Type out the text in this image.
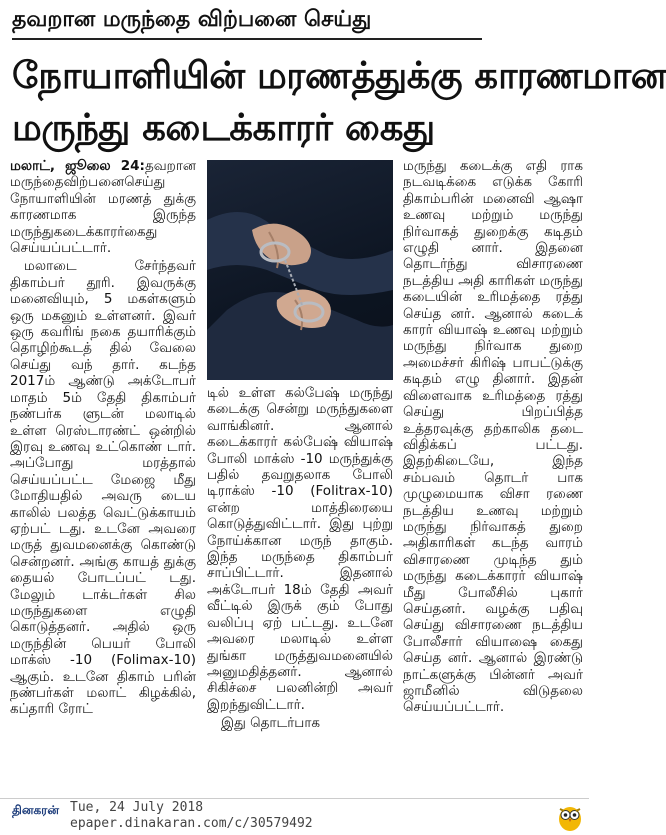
தவறான மருந்தை விற்பனை செய்து
நோயாளியின் மரணத்துக்கு காரணமான
மருந்து கடைக்காரர் கைது

மலாட், ஜூலை 24:தவறான மருந்தைவிற்பனைசெய்து நோயாளியின் மரணத் துக்கு காரணமாக இருந்த மருந்துகடைக்காரர்கைது செய்யப்பட்டார்.

மலாடை சேர்ந்தவர் திகாம்பர் தூரி. இவருக்கு மனைவியும், 5 மகள்களும் ஒரு மகனும் உள்ளனர். இவர் ஒரு கவரிங் நகை தயாரிக்கும் தொழிற்கூடத் தில் வேலை செய்து வந் தார். கடந்த 2017ம் ஆண்டு அக்டோபர் மாதம் 5ம் தேதி திகாம்பர் நண்பர்க ளுடன் மலாடில் உள்ள ரெஸ்டாரண்ட் ஒன்றில் இரவு உணவு உட்கொண் டார். அப்போது மரத்தால் செய்யப்பட்ட மேஜை மீது மோதியதில் அவரு டைய காலில் பலத்த வெட்டுக்காயம் ஏற்பட் டது. உடனே அவரை மருத் துவமனைக்கு கொண்டு சென்றனர். அங்கு காயத் துக்கு தையல் போடப்பட் டது. மேலும் டாக்டர்கள் சில மருந்துகளை எழுதி கொடுத்தனர். அதில் ஒரு மருந்தின் பெயர் போலி மாக்ஸ் -10 (Folimax-10) ஆகும். உடனே திகாம் பரின் நண்பர்கள் மலாட் கிழக்கில், கப்தாரி ரோட்

டில் உள்ள கல்பேஷ் மருந்து கடைக்கு சென்று மருந்துகளை வாங்கினர். ஆனால் கடைக்காரர் கல்பேஷ் வியாஷ் போலி மாக்ஸ் -10 மருந்துக்கு பதில் தவறுதலாக போலி டிராக்ஸ் -10 (Folitrax-10) என்ற மாத்திரையை கொடுத்துவிட்டார். இது புற்று நோய்க்கான மருந் தாகும். இந்த மருந்தை திகாம்பர் சாப்பிட்டார். இதனால் அக்டோபர் 18ம் தேதி அவர் வீட்டில் இருக் கும் போது வலிப்பு ஏற் பட்டது. உடனே அவரை மலாடில் உள்ள துங்கா மருத்துவமனையில் அனுமதித்தனர். ஆனால் சிகிச்சை பலனின்றி அவர் இறந்துவிட்டார்.

இது தொடர்பாக

மருந்து கடைக்கு எதி ராக நடவடிக்கை எடுக்க கோரி திகாம்பரின் மனைவி ஆஷா உணவு மற்றும் மருந்து நிர்வாகத் துறைக்கு கடிதம் எழுதி னார். இதனை தொடர்ந்து விசாரணை நடத்திய அதி காரிகள் மருந்து கடையின் உரிமத்தை ரத்து செய்த னர். ஆனால் கடைக் காரர் வியாஷ் உணவு மற்றும் மருந்து நிர்வாக துறை அமைச்சர் கிரிஷ் பாபட்டுக்கு கடிதம் எழு தினார். இதன் விளைவாக உரிமத்தை ரத்து செய்து பிறப்பித்த உத்தரவுக்கு தற்காலிக தடை விதிக்கப் பட்டது. இதற்கிடையே, இந்த சம்பவம் தொடர் பாக முழுமையாக விசா ரணை நடத்திய உணவு மற்றும் மருந்து நிர்வாகத் துறை அதிகாரிகள் கடந்த வாரம் விசாரணை முடிந்த தும் மருந்து கடைக்காரர் வியாஷ் மீது போலீசில் புகார் செய்தனர். வழக்கு பதிவு செய்து விசாரணை நடத்திய போலீசார் வியாஷை கைது செய்த னர். ஆனால் இரண்டு நாட்களுக்கு பின்னர் அவர் ஜாமீனில் விடுதலை செய்யப்பட்டார்.

தினகரன் Tue, 24 July 2018
epaper.dinakaran.com/c/30579492
